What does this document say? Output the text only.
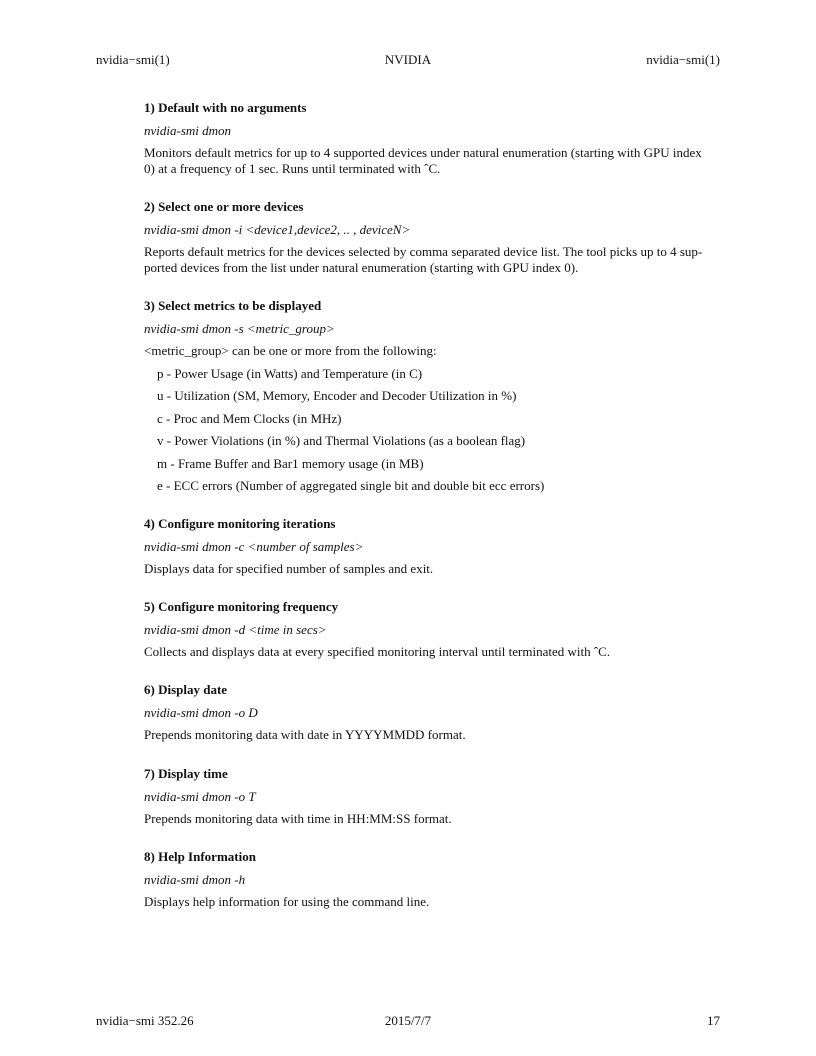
nvidia−smi(1)	NVIDIA	nvidia−smi(1)
1) Default with no arguments
nvidia-smi dmon
Monitors default metrics for up to 4 supported devices under natural enumeration (starting with GPU index
0) at a frequency of 1 sec. Runs until terminated with ˆC.
2) Select one or more devices
nvidia-smi dmon -i <device1,device2, .. , deviceN>
Reports default metrics for the devices selected by comma separated device list. The tool picks up to 4 sup-
ported devices from the list under natural enumeration (starting with GPU index 0).
3) Select metrics to be displayed
nvidia-smi dmon -s <metric_group>
<metric_group> can be one or more from the following:
p - Power Usage (in Watts) and Temperature (in C)
u - Utilization (SM, Memory, Encoder and Decoder Utilization in %)
c - Proc and Mem Clocks (in MHz)
v - Power Violations (in %) and Thermal Violations (as a boolean flag)
m - Frame Buffer and Bar1 memory usage (in MB)
e - ECC errors (Number of aggregated single bit and double bit ecc errors)
4) Configure monitoring iterations
nvidia-smi dmon -c <number of samples>
Displays data for specified number of samples and exit.
5) Configure monitoring frequency
nvidia-smi dmon -d <time in secs>
Collects and displays data at every specified monitoring interval until terminated with ˆC.
6) Display date
nvidia-smi dmon -o D
Prepends monitoring data with date in YYYYMMDD format.
7) Display time
nvidia-smi dmon -o T
Prepends monitoring data with time in HH:MM:SS format.
8) Help Information
nvidia-smi dmon -h
Displays help information for using the command line.
nvidia−smi 352.26	2015/7/7	17
